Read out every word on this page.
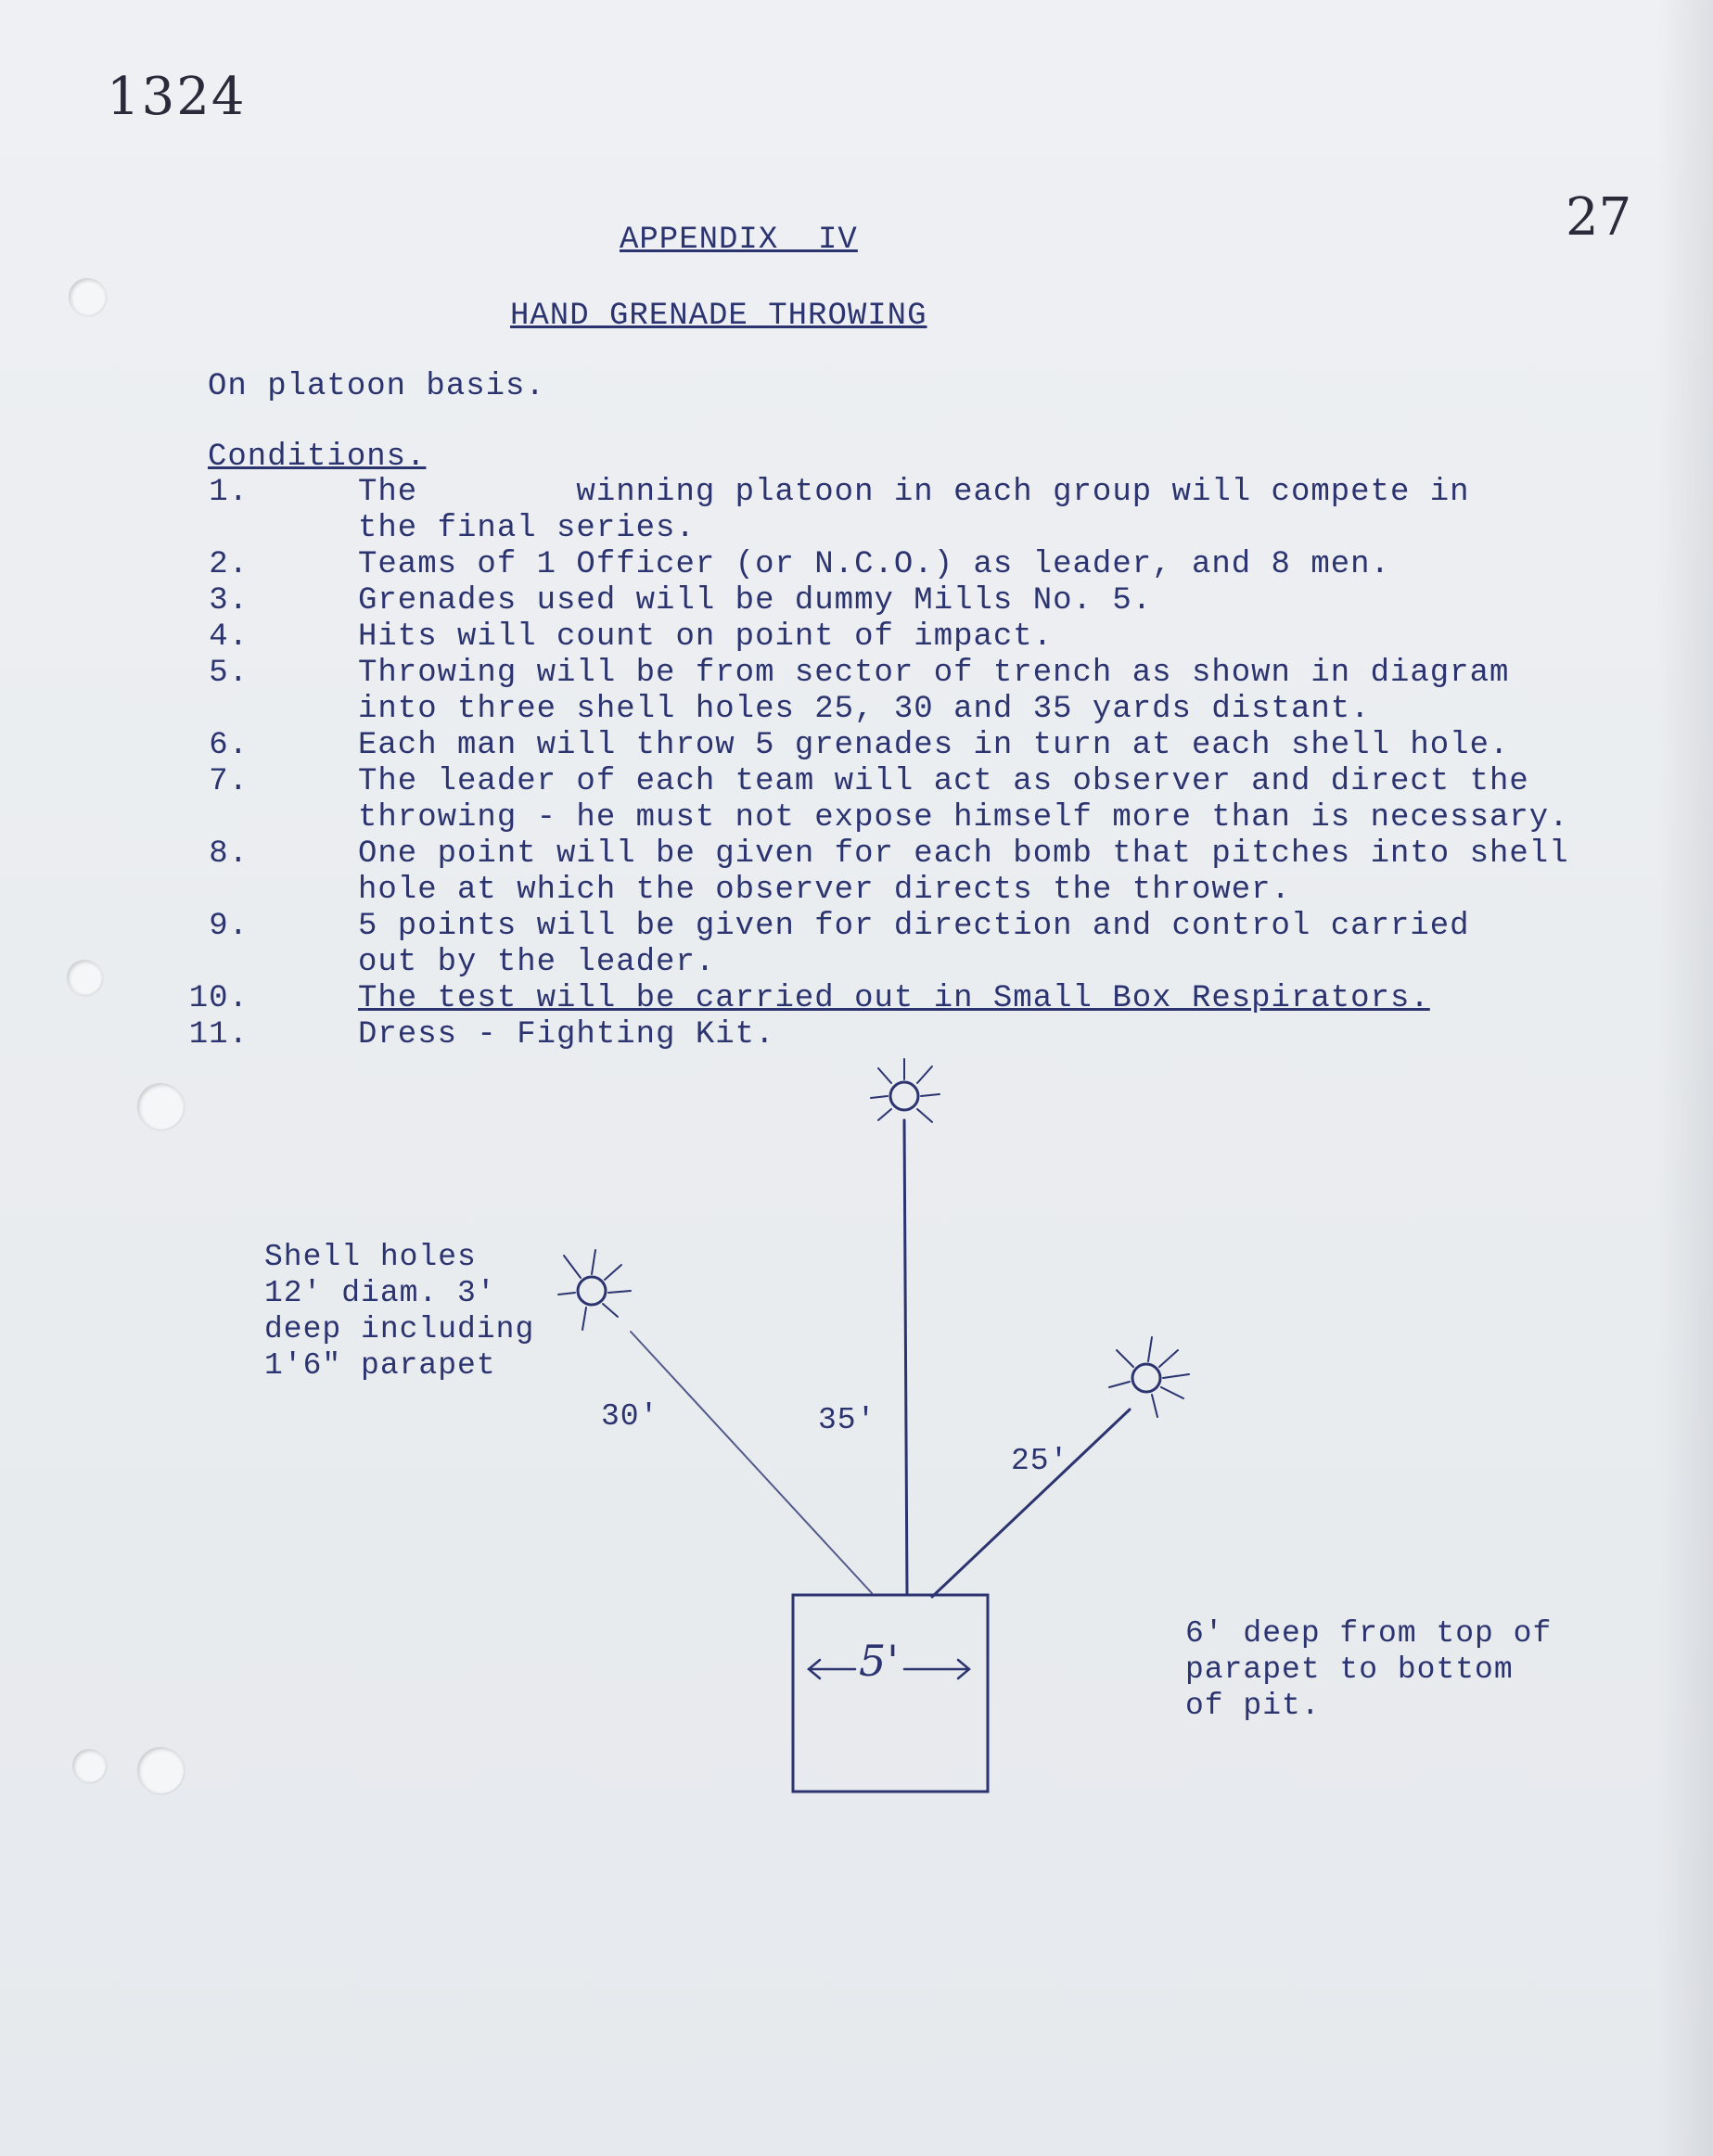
1324
27
APPENDIX  IV
HAND GRENADE THROWING
On platoon basis.
Conditions.
1.	The        winning platoon in each group will compete in
the final series.
2.	Teams of 1 Officer (or N.C.O.) as leader, and 8 men.
3.	Grenades used will be dummy Mills No. 5.
4.	Hits will count on point of impact.
5.	Throwing will be from sector of trench as shown in diagram
into three shell holes 25, 30 and 35 yards distant.
6.	Each man will throw 5 grenades in turn at each shell hole.
7.	The leader of each team will act as observer and direct the
throwing - he must not expose himself more than is necessary.
8.	One point will be given for each bomb that pitches into shell
hole at which the observer directs the thrower.
9.	5 points will be given for direction and control carried
out by the leader.
10.	The test will be carried out in Small Box Respirators.
11.	Dress - Fighting Kit.
Shell holes
12' diam. 3'
deep including
1'6" parapet
30'	35'
25'
5'
6' deep from top of
parapet to bottom
of pit.
